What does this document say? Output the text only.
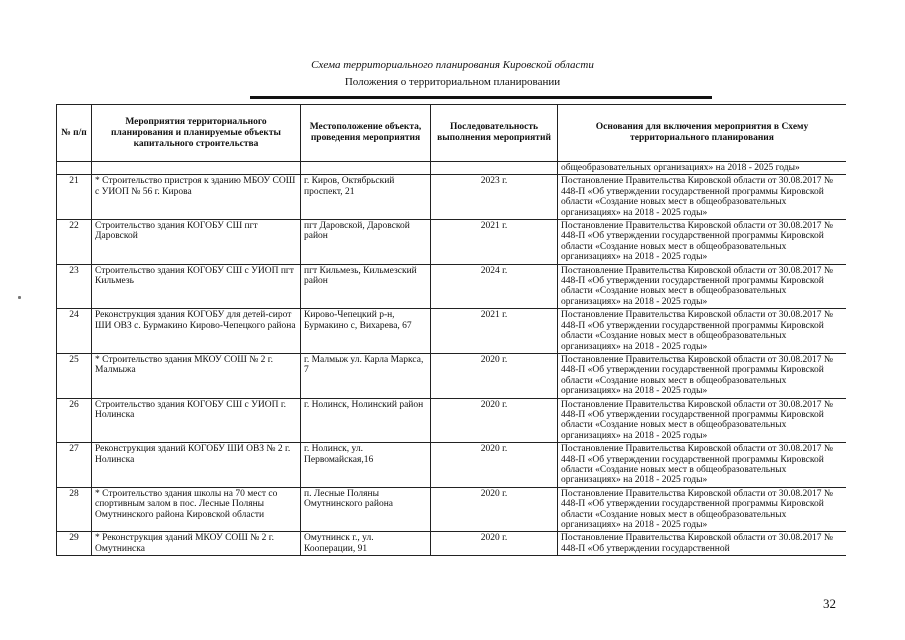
Схема территориального планирования Кировской области
Положения о территориальном планировании
№ п/п	Мероприятия территориального планирования и планируемые объекты капитального строительства	Местоположение объекта, проведения мероприятия	Последовательность выполнения мероприятий	Основания для включения мероприятия в Схему территориального планирования
				общеобразовательных организациях» на 2018 - 2025 годы»
21	* Строительство пристроя к зданию МБОУ СОШ с УИОП № 56 г. Кирова	г. Киров, Октябрьский проспект, 21	2023 г.	Постановление Правительства Кировской области от 30.08.2017 № 448-П «Об утверждении государственной программы Кировской области «Создание новых мест в общеобразовательных организациях» на 2018 - 2025 годы»
22	Строительство здания КОГОБУ СШ пгт Даровской	пгт Даровской, Даровской район	2021 г.	Постановление Правительства Кировской области от 30.08.2017 № 448-П «Об утверждении государственной программы Кировской области «Создание новых мест в общеобразовательных организациях» на 2018 - 2025 годы»
23	Строительство здания КОГОБУ СШ с УИОП пгт Кильмезь	пгт Кильмезь, Кильмезский район	2024 г.	Постановление Правительства Кировской области от 30.08.2017 № 448-П «Об утверждении государственной программы Кировской области «Создание новых мест в общеобразовательных организациях» на 2018 - 2025 годы»
24	Реконструкция здания КОГОБУ для детей-сирот ШИ ОВЗ с. Бурмакино Кирово-Чепецкого района	Кирово-Чепецкий р-н, Бурмакино с, Вихарева, 67	2021 г.	Постановление Правительства Кировской области от 30.08.2017 № 448-П «Об утверждении государственной программы Кировской области «Создание новых мест в общеобразовательных организациях» на 2018 - 2025 годы»
25	* Строительство здания МКОУ СОШ № 2 г. Малмыжа	г. Малмыж ул. Карла Маркса, 7	2020 г.	Постановление Правительства Кировской области от 30.08.2017 № 448-П «Об утверждении государственной программы Кировской области «Создание новых мест в общеобразовательных организациях» на 2018 - 2025 годы»
26	Строительство здания КОГОБУ СШ с УИОП г. Нолинска	г. Нолинск, Нолинский район	2020 г.	Постановление Правительства Кировской области от 30.08.2017 № 448-П «Об утверждении государственной программы Кировской области «Создание новых мест в общеобразовательных организациях» на 2018 - 2025 годы»
27	Реконструкция зданий КОГОБУ ШИ ОВЗ № 2 г. Нолинска	г. Нолинск, ул. Первомайская,16	2020 г.	Постановление Правительства Кировской области от 30.08.2017 № 448-П «Об утверждении государственной программы Кировской области «Создание новых мест в общеобразовательных организациях» на 2018 - 2025 годы»
28	* Строительство здания школы на 70 мест со спортивным залом в пос. Лесные Поляны Омутнинского района Кировской области	п. Лесные Поляны Омутнинского района	2020 г.	Постановление Правительства Кировской области от 30.08.2017 № 448-П «Об утверждении государственной программы Кировской области «Создание новых мест в общеобразовательных организациях» на 2018 - 2025 годы»
29	* Реконструкция зданий МКОУ СОШ № 2 г. Омутнинска	Омутнинск г., ул. Кооперации, 91	2020 г.	Постановление Правительства Кировской области от 30.08.2017 № 448-П «Об утверждении государственной
32
